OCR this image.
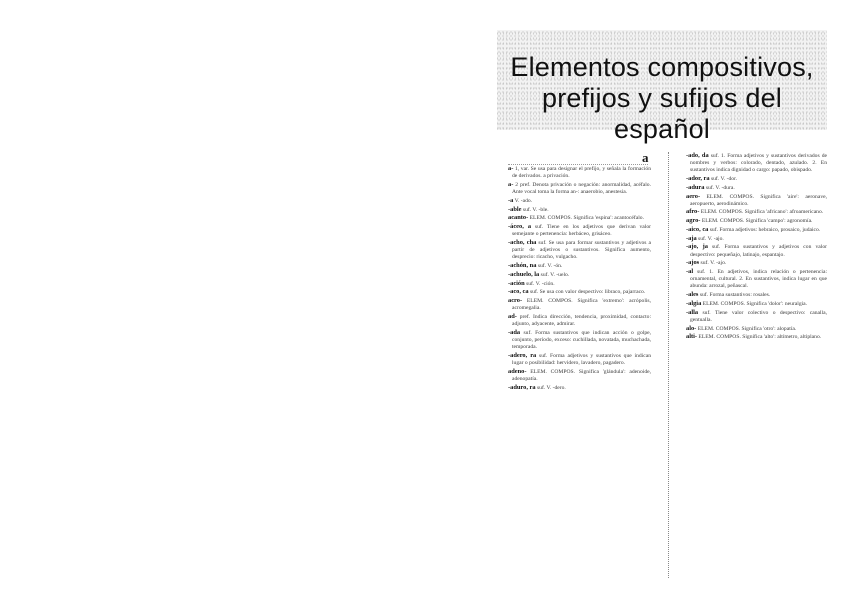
Elementos compositivos,
prefijos y sufijos del español
a
a- 1, var. Se usa para designar el prefijo, y señala la formación de derivados. a privación.
a- 2 pref. Denota privación o negación: anormalidad, acéfalo. Ante vocal toma la forma an-: anaerobio, anestesia.
-a V. -ado.
-able suf. V. -ble.
acanto- ELEM. COMPOS. Significa 'espina': acantocéfalo.
-áceo, a suf. Tiene en los adjetivos que derivan valor semejante o pertenencia: herbáceo, grisáceo.
-acho, cha suf. Se usa para formar sustantivos y adjetivos a partir de adjetivos o sustantivos. Significa aumento, desprecio: ricacho, vulgacho.
-achón, na suf. V. -ón.
-achuelo, la suf. V. -uelo.
-ación suf. V. -ción.
-aco, ca suf. Se usa con valor despectivo: libraco, pajarraco.
acro- ELEM. COMPOS. Significa 'extremo': acrópolis, acromegalia.
ad- pref. Indica dirección, tendencia, proximidad, contacto: adjunto, adyacente, admirar.
-ada suf. Forma sustantivos que indican acción o golpe, conjunto, período, exceso: cuchillada, novatada, muchachada, temporada.
-adero, ra suf. Forma adjetivos y sustantivos que indican lugar o posibilidad: hervidero, lavadero, pagadero.
adeno- ELEM. COMPOS. Significa 'glándula': adenoide, adenopatía.
-aduro, ra suf. V. -dero.
-ado, da suf. 1. Forma adjetivos y sustantivos derivados de nombres y verbos: colorado, dentado, azulado. 2. En sustantivos indica dignidad o cargo: papado, obispado.
-ador, ra suf. V. -dor.
-adura suf. V. -dura.
aero- ELEM. COMPOS. Significa 'aire': aeronave, aeropuerto, aerodinámico.
afro- ELEM. COMPOS. Significa 'africano': afroamericano.
agro- ELEM. COMPOS. Significa 'campo': agronomía.
-aico, ca suf. Forma adjetivos: hebraico, prosaico, judaico.
-aja suf. V. -ajo.
-ajo, ja suf. Forma sustantivos y adjetivos con valor despectivo: pequeñajo, latinajo, espantajo.
-ajos suf. V. -ajo.
-al suf. 1. En adjetivos, indica relación o pertenencia: ornamental, cultural. 2. En sustantivos, indica lugar en que abunda: arrozal, peñascal.
-ales suf. Forma sustantivos: rosales.
-algia ELEM. COMPOS. Significa 'dolor': neuralgia.
-alla suf. Tiene valor colectivo o despectivo: canalla, gentualla.
alo- ELEM. COMPOS. Significa 'otro': alopatía.
alti- ELEM. COMPOS. Significa 'alto': altímetro, altiplano.
